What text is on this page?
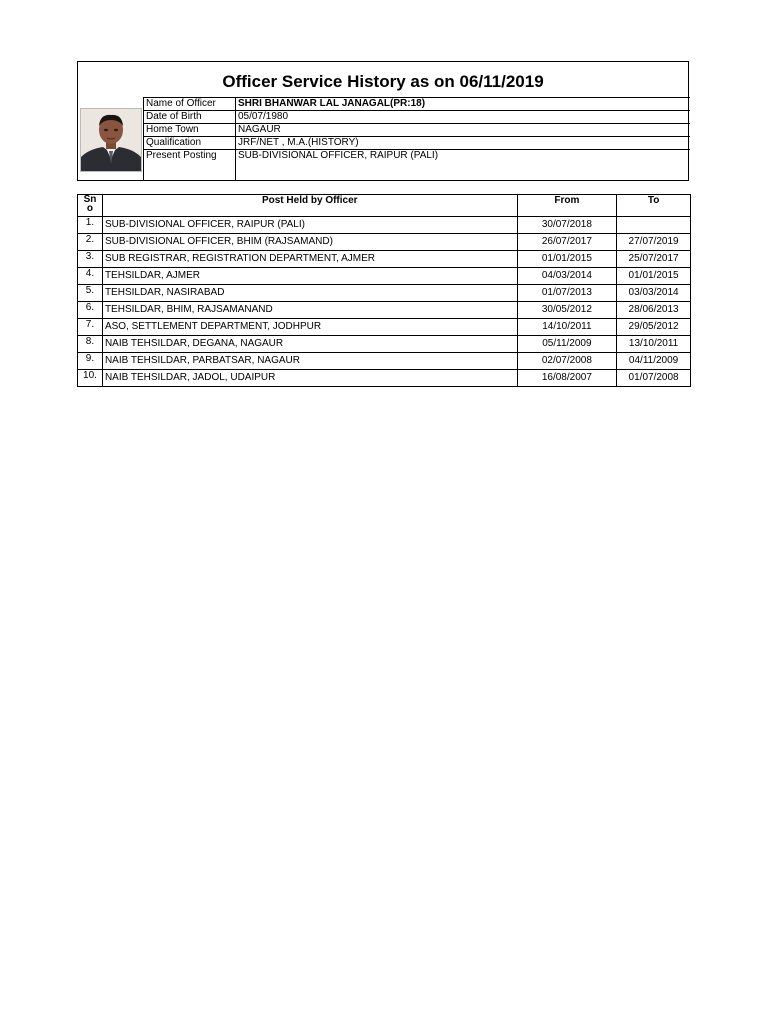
Officer Service History as on 06/11/2019
Name of Officer	SHRI BHANWAR LAL JANAGAL(PR:18)
Date of Birth	05/07/1980
Home Town	NAGAUR
Qualification	JRF/NET , M.A.(HISTORY)
Present Posting	SUB-DIVISIONAL OFFICER, RAIPUR (PALI)
Sn
o	Post Held by Officer	From	To
1.	SUB-DIVISIONAL OFFICER, RAIPUR (PALI)	30/07/2018	
2.	SUB-DIVISIONAL OFFICER, BHIM (RAJSAMAND)	26/07/2017	27/07/2019
3.	SUB REGISTRAR, REGISTRATION DEPARTMENT, AJMER	01/01/2015	25/07/2017
4.	TEHSILDAR, AJMER	04/03/2014	01/01/2015
5.	TEHSILDAR, NASIRABAD	01/07/2013	03/03/2014
6.	TEHSILDAR, BHIM, RAJSAMANAND	30/05/2012	28/06/2013
7.	ASO, SETTLEMENT DEPARTMENT, JODHPUR	14/10/2011	29/05/2012
8.	NAIB TEHSILDAR, DEGANA, NAGAUR	05/11/2009	13/10/2011
9.	NAIB TEHSILDAR, PARBATSAR, NAGAUR	02/07/2008	04/11/2009
10.	NAIB TEHSILDAR, JADOL, UDAIPUR	16/08/2007	01/07/2008
